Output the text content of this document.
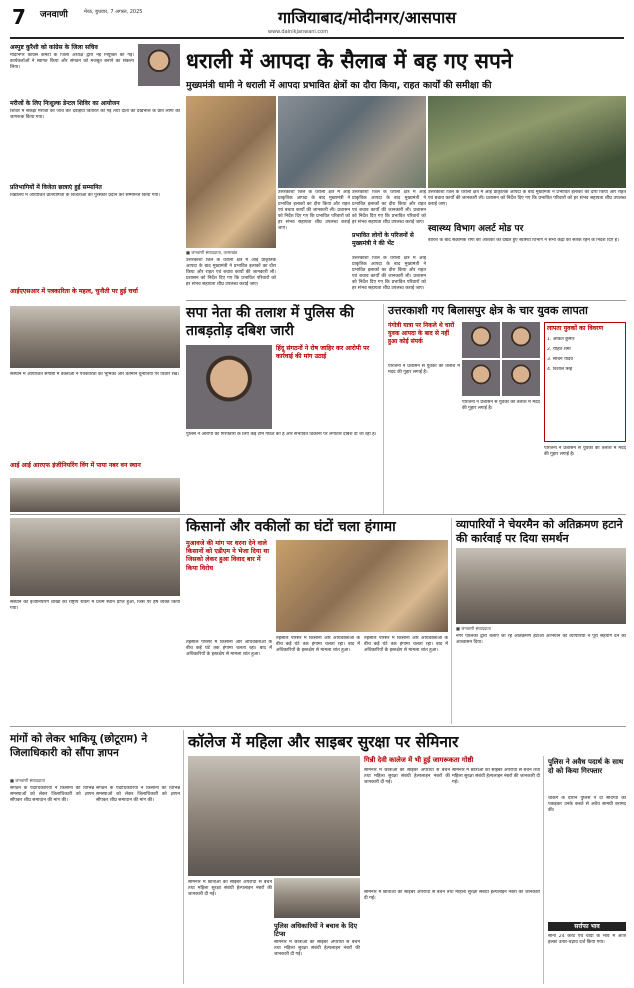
7 जनवाणी	मेरठ, बुधवार, 7 अगस्त, 2025	गाजियाबाद/मोदीनगर/आसपास
www.dainikjanwani.com
अस्पुष्ट कुरैशी को कांग्रेस के जिला सचिव
मोदीनगर कांग्रेस कमेटी के जिला अध्यक्ष द्वारा नई नियुक्ति की गई। कार्यकर्ताओं ने स्वागत किया और संगठन को मजबूत बनाने का संकल्प लिया।
मरीजों के लिए निःशुल्क डेन्टल शिविर का आयोजन
शिविर में सैकड़ों मरीजों की जांच कर दवाइयां वितरित की गईं तथा दांतों की देखभाल के प्रति लोगों को जागरूक किया गया।
प्रतिभागियों में विजेता छात्राएं हुई सम्मानित
विद्यालय में आयोजित प्रतियोगिता के विजेताओं को पुरस्कार प्रदान कर सम्मानित किया गया।
आईएएसआर में पत्रकारिता के महत्व, चुनौती पर हुई चर्चा
संस्थान में आयोजित संगोष्ठी में वक्ताओं ने पत्रकारिता की भूमिका और वर्तमान चुनौतियों पर विचार रखे।
धराली में आपदा के सैलाब में बह गए सपने
मुख्यमंत्री धामी ने धराली में आपदा प्रभावित क्षेत्रों का दौरा किया, राहत कार्यों की समीक्षा की
■ जनवाणी संवाददाता, उत्तराखंड
उत्तरकाशी जिले के धराली क्षेत्र में आई प्राकृतिक आपदा के बाद मुख्यमंत्री ने प्रभावित इलाकों का दौरा किया और राहत एवं बचाव कार्यों की जानकारी ली। प्रशासन को निर्देश दिए गए कि प्रभावित परिवारों को हर संभव सहायता शीघ्र उपलब्ध कराई जाए।
उत्तरकाशी जिले के धराली क्षेत्र में आई प्राकृतिक आपदा के बाद मुख्यमंत्री ने प्रभावित इलाकों का दौरा किया और राहत एवं बचाव कार्यों की जानकारी ली। प्रशासन को निर्देश दिए गए कि प्रभावित परिवारों को हर संभव सहायता शीघ्र उपलब्ध कराई जाए।
प्रभावित लोगों के परिजनों से मुख्यमंत्री ने की भेंट
उत्तरकाशी जिले के धराली क्षेत्र में आई प्राकृतिक आपदा के बाद मुख्यमंत्री ने प्रभावित इलाकों का दौरा किया और राहत एवं बचाव कार्यों की जानकारी ली। प्रशासन को निर्देश दिए गए कि प्रभावित परिवारों को हर संभव सहायता शीघ्र उपलब्ध कराई जाए।
उत्तरकाशी जिले के धराली क्षेत्र में आई प्राकृतिक आपदा के बाद मुख्यमंत्री ने प्रभावित इलाकों का दौरा किया और राहत एवं बचाव कार्यों की जानकारी ली। प्रशासन को निर्देश दिए गए कि प्रभावित परिवारों को हर संभव सहायता शीघ्र उपलब्ध कराई जाए।
उत्तरकाशी जिले के धराली क्षेत्र में आई प्राकृतिक आपदा के बाद मुख्यमंत्री ने प्रभावित इलाकों का दौरा किया और राहत एवं बचाव कार्यों की जानकारी ली। प्रशासन को निर्देश दिए गए कि प्रभावित परिवारों को हर संभव सहायता शीघ्र उपलब्ध कराई जाए।
स्वास्थ्य विभाग अलर्ट मोड पर
बारिश के बाद संक्रामक रोगों की आशंका को देखते हुए स्वास्थ्य विभाग ने सभी केंद्रों को सतर्क रहने के निर्देश दिए हैं।
सपा नेता की तलाश में पुलिस की ताबड़तोड़ दबिश जारी
हिंदू संगठनों ने रोष जाहिर कर आरोपी पर कार्रवाई की मांग उठाई
पुलिस ने आरोपी की गिरफ्तारी के लिए कई टीमें गठित की हैं और संभावित ठिकानों पर लगातार दबिश दी जा रही है।
उत्तरकाशी गए बिलासपुर क्षेत्र के चार युवक लापता
गंगोत्री यात्रा पर निकले थे चारों युवक आपदा के बाद से नहीं हुआ कोई संपर्क
लापता युवकों का विवरण
1. अंकित कुमार
2. रोहित शर्मा
3. सचिन यादव
4. विशाल सिंह
परिजनों ने प्रशासन से युवकों की तलाश में मदद की गुहार लगाई है।
परिजनों ने प्रशासन से युवकों की तलाश में मदद की गुहार लगाई है।
परिजनों ने प्रशासन से युवकों की तलाश में मदद की गुहार लगाई है।
आई आई आरएफ इंजीनियरिंग विंग में पाया नबर वन स्थान
किसानों और वकीलों का घंटों चला हंगामा
मुआवजे की मांग पर धरना देने वाले किसानों को एडीएम ने भेजा दिया था जिसको लेकर हुआ विवाद बार में किया विरोध
तहसील परिसर में किसानों और अधिवक्ताओं के बीच कई घंटे तक हंगामा चलता रहा। बाद में अधिकारियों के हस्तक्षेप से मामला शांत हुआ।
तहसील परिसर में किसानों और अधिवक्ताओं के बीच कई घंटे तक हंगामा चलता रहा। बाद में अधिकारियों के हस्तक्षेप से मामला शांत हुआ।
तहसील परिसर में किसानों और अधिवक्ताओं के बीच कई घंटे तक हंगामा चलता रहा। बाद में अधिकारियों के हस्तक्षेप से मामला शांत हुआ।
व्यापारियों ने चेयरमैन को अतिक्रमण हटाने की कार्रवाई पर दिया समर्थन
■ जनवाणी संवाददाता
नगर पालिका द्वारा चलाए जा रहे अतिक्रमण हटाओ अभियान को व्यापारियों ने पूरा सहयोग देने का आश्वासन दिया।
संस्थान की इंजीनियरिंग शाखा को राष्ट्रीय रैंकिंग में प्रथम स्थान प्राप्त हुआ, जिस पर हर्ष व्यक्त किया गया।
मांगों को लेकर भाकियू (छोटूराम) ने जिलाधिकारी को सौंपा ज्ञापन
■ जनवाणी संवाददाता
संगठन के पदाधिकारियों ने किसानों की विभिन्न समस्याओं को लेकर जिलाधिकारी को ज्ञापन सौंपकर शीघ्र समाधान की मांग की।
संगठन के पदाधिकारियों ने किसानों की विभिन्न समस्याओं को लेकर जिलाधिकारी को ज्ञापन सौंपकर शीघ्र समाधान की मांग की।
कॉलेज में महिला और साइबर सुरक्षा पर सेमिनार
गिन्नी देवी कालेज में भी हुई जागरूकता गोष्ठी
सेमिनार में छात्राओं को साइबर अपराधों से बचने तथा महिला सुरक्षा संबंधी हेल्पलाइन नंबरों की जानकारी दी गई।
पुलिस अधिकारियों ने बचाव के दिए टिप्स
सेमिनार में छात्राओं को साइबर अपराधों से बचने तथा महिला सुरक्षा संबंधी हेल्पलाइन नंबरों की जानकारी दी गई।
सेमिनार में छात्राओं को साइबर अपराधों से बचने तथा महिला सुरक्षा संबंधी हेल्पलाइन नंबरों की जानकारी दी गई।
सेमिनार में छात्राओं को साइबर अपराधों से बचने तथा महिला सुरक्षा संबंधी हेल्पलाइन नंबरों की जानकारी दी गई।
सेमिनार में छात्राओं को साइबर अपराधों से बचने तथा महिला सुरक्षा संबंधी हेल्पलाइन नंबरों की जानकारी दी गई।
पुलिस ने अवैध पदार्थ के साथ दो को किया गिरफ्तार
चेकिंग के दौरान पुलिस ने दो संदिग्धों को पकड़कर उनके कब्जे से अवैध सामग्री बरामद की।
सर्राफा भाव
सोना 24 कैरेट एवं चांदी के भाव में आज हल्का उतार-चढ़ाव दर्ज किया गया।
